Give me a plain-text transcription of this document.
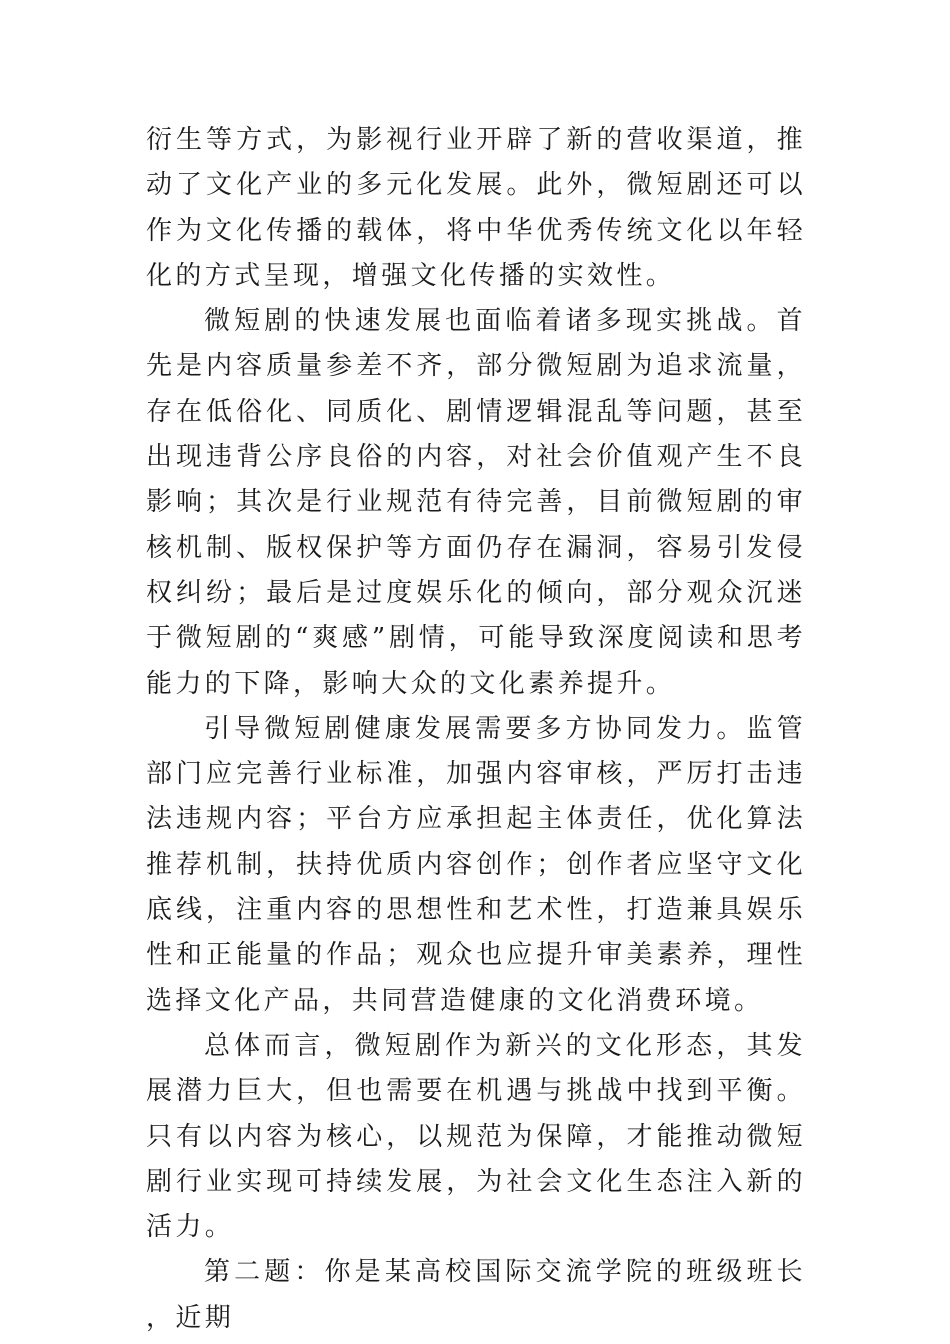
衍生等方式，为影视行业开辟了新的营收渠道，推动了文化产业的多元化发展。此外，微短剧还可以作为文化传播的载体，将中华优秀传统文化以年轻化的方式呈现，增强文化传播的实效性。

微短剧的快速发展也面临着诸多现实挑战。首先是内容质量参差不齐，部分微短剧为追求流量，存在低俗化、同质化、剧情逻辑混乱等问题，甚至出现违背公序良俗的内容，对社会价值观产生不良影响；其次是行业规范有待完善，目前微短剧的审核机制、版权保护等方面仍存在漏洞，容易引发侵权纠纷；最后是过度娱乐化的倾向，部分观众沉迷于微短剧的“爽感”剧情，可能导致深度阅读和思考能力的下降，影响大众的文化素养提升。

引导微短剧健康发展需要多方协同发力。监管部门应完善行业标准，加强内容审核，严厉打击违法违规内容；平台方应承担起主体责任，优化算法推荐机制，扶持优质内容创作；创作者应坚守文化底线，注重内容的思想性和艺术性，打造兼具娱乐性和正能量的作品；观众也应提升审美素养，理性选择文化产品，共同营造健康的文化消费环境。

总体而言，微短剧作为新兴的文化形态，其发展潜力巨大，但也需要在机遇与挑战中找到平衡。只有以内容为核心，以规范为保障，才能推动微短剧行业实现可持续发展，为社会文化生态注入新的活力。

第二题：你是某高校国际交流学院的班级班长，近期
